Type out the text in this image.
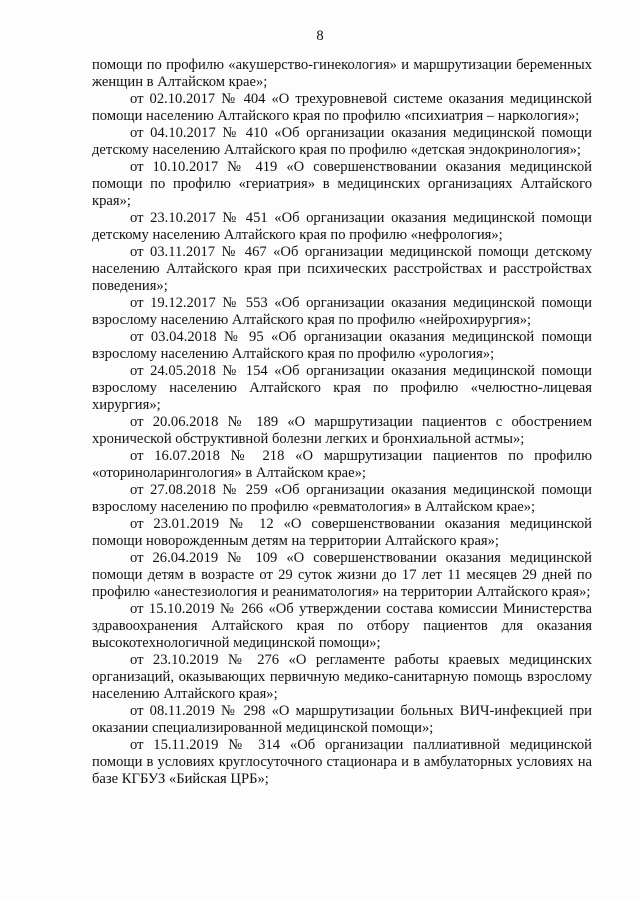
8

помощи по профилю «акушерство-гинекология» и маршрутизации беременных женщин в Алтайском крае»;

от 02.10.2017 № 404 «О трехуровневой системе оказания медицинской помощи населению Алтайского края по профилю «психиатрия – наркология»;

от 04.10.2017 № 410 «Об организации оказания медицинской помощи детскому населению Алтайского края по профилю «детская эндокринология»;

от 10.10.2017 № 419 «О совершенствовании оказания медицинской помощи по профилю «гериатрия» в медицинских организациях Алтайского края»;

от 23.10.2017 № 451 «Об организации оказания медицинской помощи детскому населению Алтайского края по профилю «нефрология»;

от 03.11.2017 № 467 «Об организации медицинской помощи детскому населению Алтайского края при психических расстройствах и расстройствах поведения»;

от 19.12.2017 № 553 «Об организации оказания медицинской помощи взрослому населению Алтайского края по профилю «нейрохирургия»;

от 03.04.2018 № 95 «Об организации оказания медицинской помощи взрослому населению Алтайского края по профилю «урология»;

от 24.05.2018 № 154 «Об организации оказания медицинской помощи взрослому населению Алтайского края по профилю «челюстно-лицевая хирургия»;

от 20.06.2018 № 189 «О маршрутизации пациентов с обострением хронической обструктивной болезни легких и бронхиальной астмы»;

от 16.07.2018 № 218 «О маршрутизации пациентов по профилю «оториноларингология» в Алтайском крае»;

от 27.08.2018 № 259 «Об организации оказания медицинской помощи взрослому населению по профилю «ревматология» в Алтайском крае»;

от 23.01.2019 № 12 «О совершенствовании оказания медицинской помощи новорожденным детям на территории Алтайского края»;

от 26.04.2019 № 109 «О совершенствовании оказания медицинской помощи детям в возрасте от 29 суток жизни до 17 лет 11 месяцев 29 дней по профилю «анестезиология и реаниматология» на территории Алтайского края»;

от 15.10.2019 № 266 «Об утверждении состава комиссии Министерства здравоохранения Алтайского края по отбору пациентов для оказания высокотехнологичной медицинской помощи»;

от 23.10.2019 № 276 «О регламенте работы краевых медицинских организаций, оказывающих первичную медико-санитарную помощь взрослому населению Алтайского края»;

от 08.11.2019 № 298 «О маршрутизации больных ВИЧ-инфекцией при оказании специализированной медицинской помощи»;

от 15.11.2019 № 314 «Об организации паллиативной медицинской помощи в условиях круглосуточного стационара и в амбулаторных условиях на базе КГБУЗ «Бийская ЦРБ»;
